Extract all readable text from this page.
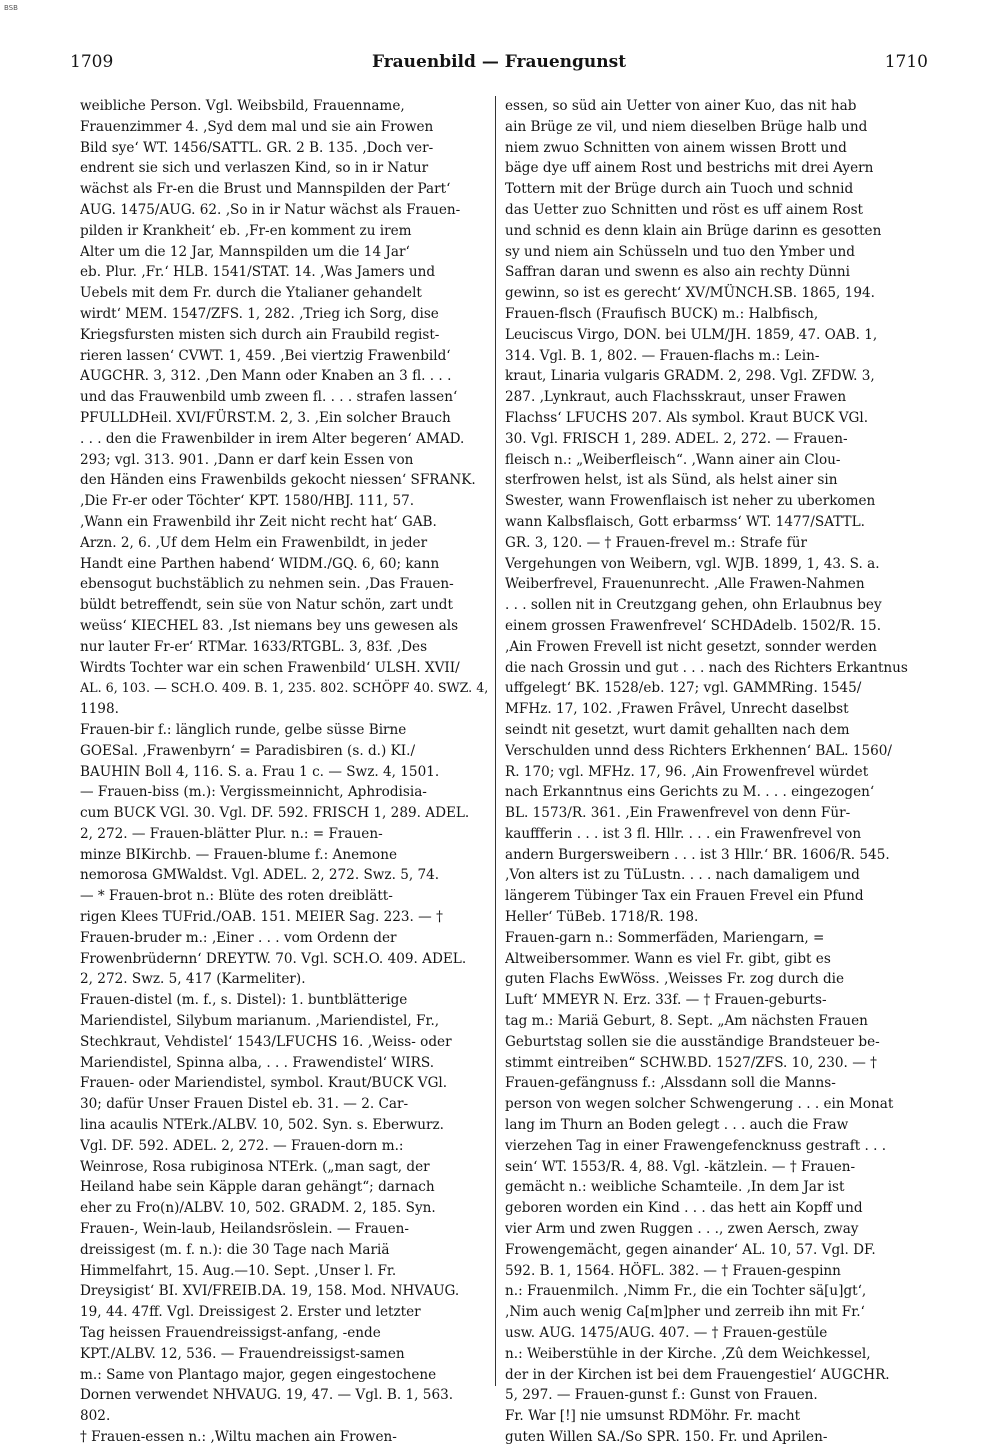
BSB
1709	Frauenbild — Frauengunst	1710
weibliche Person. Vgl. Weibsbild, Frauenname,
Frauenzimmer 4. ‚Syd dem mal und sie ain Frowen
Bild sye‘ WT. 1456/SATTL. GR. 2 B. 135. ‚Doch ver-
endrent sie sich und verlaszen Kind, so in ir Natur
wächst als Fr-en die Brust und Mannspilden der Part‘
AUG. 1475/AUG. 62. ‚So in ir Natur wächst als Frauen-
pilden ir Krankheit‘ eb. ‚Fr-en komment zu irem
Alter um die 12 Jar, Mannspilden um die 14 Jar‘
eb. Plur. ‚Fr.‘ HLB. 1541/STAT. 14. ‚Was Jamers und
Uebels mit dem Fr. durch die Ytalianer gehandelt
wirdt‘ MEM. 1547/ZFS. 1, 282. ‚Trieg ich Sorg, dise
Kriegsfursten misten sich durch ain Fraubild regist-
rieren lassen‘ CVWT. 1, 459. ‚Bei viertzig Frawenbild‘
AUGCHR. 3, 312. ‚Den Mann oder Knaben an 3 fl. . . .
und das Frauwenbild umb zween fl. . . . strafen lassen‘
PFULLDHeil. XVI/FÜRST.M. 2, 3. ‚Ein solcher Brauch
. . . den die Frawenbilder in irem Alter begeren‘ AMAD.
293; vgl. 313. 901. ‚Dann er darf kein Essen von
den Händen eins Frawenbilds gekocht niessen‘ SFRANK.
‚Die Fr-er oder Töchter‘ KPT. 1580/HBJ. 111, 57.
‚Wann ein Frawenbild ihr Zeit nicht recht hat‘ GAB.
Arzn. 2, 6. ‚Uf dem Helm ein Frawenbildt, in jeder
Handt eine Parthen habend‘ WIDM./GQ. 6, 60; kann
ebensogut buchstäblich zu nehmen sein. ‚Das Frauen-
büldt betreffendt, sein süe von Natur schön, zart undt
weüss‘ KIECHEL 83. ‚Ist niemans bey uns gewesen als
nur lauter Fr-er‘ RTMar. 1633/RTGBL. 3, 83f. ‚Des
Wirdts Tochter war ein schen Frawenbild‘ ULSH. XVII/
AL. 6, 103. — SCH.O. 409. B. 1, 235. 802. SCHÖPF 40. SWZ. 4,
1198.
Frauen-bir f.: länglich runde, gelbe süsse Birne
GOESal. ‚Frawenbyrn‘ = Paradisbiren (s. d.) KI./
BAUHIN Boll 4, 116. S. a. Frau 1 c. — Swz. 4, 1501.
— Frauen-biss (m.): Vergissmeinnicht, Aphrodisia-
cum BUCK VGl. 30. Vgl. DF. 592. FRISCH 1, 289. ADEL.
2, 272. — Frauen-blätter Plur. n.: = Frauen-
minze BIKirchb. — Frauen-blume f.: Anemone
nemorosa GMWaldst. Vgl. ADEL. 2, 272. Swz. 5, 74.
— * Frauen-brot n.: Blüte des roten dreiblätt-
rigen Klees TUFrid./OAB. 151. MEIER Sag. 223. — †
Frauen-bruder m.: ‚Einer . . . vom Ordenn der
Frowenbrüdernn‘ DREYTW. 70. Vgl. SCH.O. 409. ADEL.
2, 272. Swz. 5, 417 (Karmeliter).
Frauen-distel (m. f., s. Distel): 1. buntblätterige
Mariendistel, Silybum marianum. ‚Mariendistel, Fr.,
Stechkraut, Vehdistel‘ 1543/LFUCHS 16. ‚Weiss- oder
Mariendistel, Spinna alba, . . . Frawendistel‘ WIRS.
Frauen- oder Mariendistel, symbol. Kraut/BUCK VGl.
30; dafür Unser Frauen Distel eb. 31. — 2. Car-
lina acaulis NTErk./ALBV. 10, 502. Syn. s. Eberwurz.
Vgl. DF. 592. ADEL. 2, 272. — Frauen-dorn m.:
Weinrose, Rosa rubiginosa NTErk. („man sagt, der
Heiland habe sein Käpple daran gehängt“; darnach
eher zu Fro(n)/ALBV. 10, 502. GRADM. 2, 185. Syn.
Frauen-, Wein-laub, Heilandsröslein. — Frauen-
dreissigest (m. f. n.): die 30 Tage nach Mariä
Himmelfahrt, 15. Aug.—10. Sept. ‚Unser l. Fr.
Dreysigist‘ BI. XVI/FREIB.DA. 19, 158. Mod. NHVAUG.
19, 44. 47ff. Vgl. Dreissigest 2. Erster und letzter
Tag heissen Frauendreissigst-anfang, -ende
KPT./ALBV. 12, 536. — Frauendreissigst-samen
m.: Same von Plantago major, gegen eingestochene
Dornen verwendet NHVAUG. 19, 47. — Vgl. B. 1, 563.
802.
† Frauen-essen n.: ‚Wiltu machen ain Frowen-
essen, so süd ain Uetter von ainer Kuo, das nit hab
ain Brüge ze vil, und niem dieselben Brüge halb und
niem zwuo Schnitten von ainem wissen Brott und
bäge dye uff ainem Rost und bestrichs mit drei Ayern
Tottern mit der Brüge durch ain Tuoch und schnid
das Uetter zuo Schnitten und röst es uff ainem Rost
und schnid es denn klain ain Brüge darinn es gesotten
sy und niem ain Schüsseln und tuo den Ymber und
Saffran daran und swenn es also ain rechty Dünni
gewinn, so ist es gerecht‘ XV/MÜNCH.SB. 1865, 194.
Frauen-flsch (Fraufisch BUCK) m.: Halbfisch,
Leuciscus Virgo, DON. bei ULM/JH. 1859, 47. OAB. 1,
314. Vgl. B. 1, 802. — Frauen-flachs m.: Lein-
kraut, Linaria vulgaris GRADM. 2, 298. Vgl. ZFDW. 3,
287. ‚Lynkraut, auch Flachsskraut, unser Frawen
Flachss‘ LFUCHS 207. Als symbol. Kraut BUCK VGl.
30. Vgl. FRISCH 1, 289. ADEL. 2, 272. — Frauen-
fleisch n.: „Weiberfleisch“. ‚Wann ainer ain Clou-
sterfrowen helst, ist als Sünd, als helst ainer sin
Swester, wann Frowenflaisch ist neher zu uberkomen
wann Kalbsflaisch, Gott erbarmss‘ WT. 1477/SATTL.
GR. 3, 120. — † Frauen-frevel m.: Strafe für
Vergehungen von Weibern, vgl. WJB. 1899, 1, 43. S. a.
Weiberfrevel, Frauenunrecht. ‚Alle Frawen-Nahmen
. . . sollen nit in Creutzgang gehen, ohn Erlaubnus bey
einem grossen Frawenfrevel‘ SCHDAdelb. 1502/R. 15.
‚Ain Frowen Frevell ist nicht gesetzt, sonnder werden
die nach Grossin und gut . . . nach des Richters Erkantnus
uffgelegt‘ BK. 1528/eb. 127; vgl. GAMMRing. 1545/
MFHz. 17, 102. ‚Frawen Frȃvel, Unrecht daselbst
seindt nit gesetzt, wurt damit gehallten nach dem
Verschulden unnd dess Richters Erkhennen‘ BAL. 1560/
R. 170; vgl. MFHz. 17, 96. ‚Ain Frowenfrevel würdet
nach Erkanntnus eins Gerichts zu M. . . . eingezogen‘
BL. 1573/R. 361. ‚Ein Frawenfrevel von denn Für-
kauffferin . . . ist 3 fl. Hllr. . . . ein Frawenfrevel von
andern Burgersweibern . . . ist 3 Hllr.‘ BR. 1606/R. 545.
‚Von alters ist zu TüLustn. . . . nach damaligem und
längerem Tübinger Tax ein Frauen Frevel ein Pfund
Heller‘ TüBeb. 1718/R. 198.
Frauen-garn n.: Sommerfäden, Mariengarn, =
Altweibersommer. Wann es viel Fr. gibt, gibt es
guten Flachs EwWöss. ‚Weisses Fr. zog durch die
Luft‘ MMEYR N. Erz. 33f. — † Frauen-geburts-
tag m.: Mariä Geburt, 8. Sept. „Am nächsten Frauen
Geburtstag sollen sie die ausständige Brandsteuer be-
stimmt eintreiben“ SCHW.BD. 1527/ZFS. 10, 230. — †
Frauen-gefängnuss f.: ‚Alssdann soll die Manns-
person von wegen solcher Schwengerung . . . ein Monat
lang im Thurn an Boden gelegt . . . auch die Fraw
vierzehen Tag in einer Frawengefencknuss gestraft . . .
sein‘ WT. 1553/R. 4, 88. Vgl. -kätzlein. — † Frauen-
gemächt n.: weibliche Schamteile. ‚In dem Jar ist
geboren worden ein Kind . . . das hett ain Kopff und
vier Arm und zwen Ruggen . . ., zwen Aersch, zway
Frowengemächt, gegen ainander‘ AL. 10, 57. Vgl. DF.
592. B. 1, 1564. HÖFL. 382. — † Frauen-gespinn
n.: Frauenmilch. ‚Nimm Fr., die ein Tochter sä[u]gt‘,
‚Nim auch wenig Ca[m]pher und zerreib ihn mit Fr.‘
usw. AUG. 1475/AUG. 407. — † Frauen-gestüle
n.: Weiberstühle in der Kirche. ‚Zû dem Weichkessel,
der in der Kirchen ist bei dem Frauengestiel‘ AUGCHR.
5, 297. — Frauen-gunst f.: Gunst von Frauen.
Fr. War [!] nie umsunst RDMöhr. Fr. macht
guten Willen SA./So SPR. 150. Fr. und Aprilen-
